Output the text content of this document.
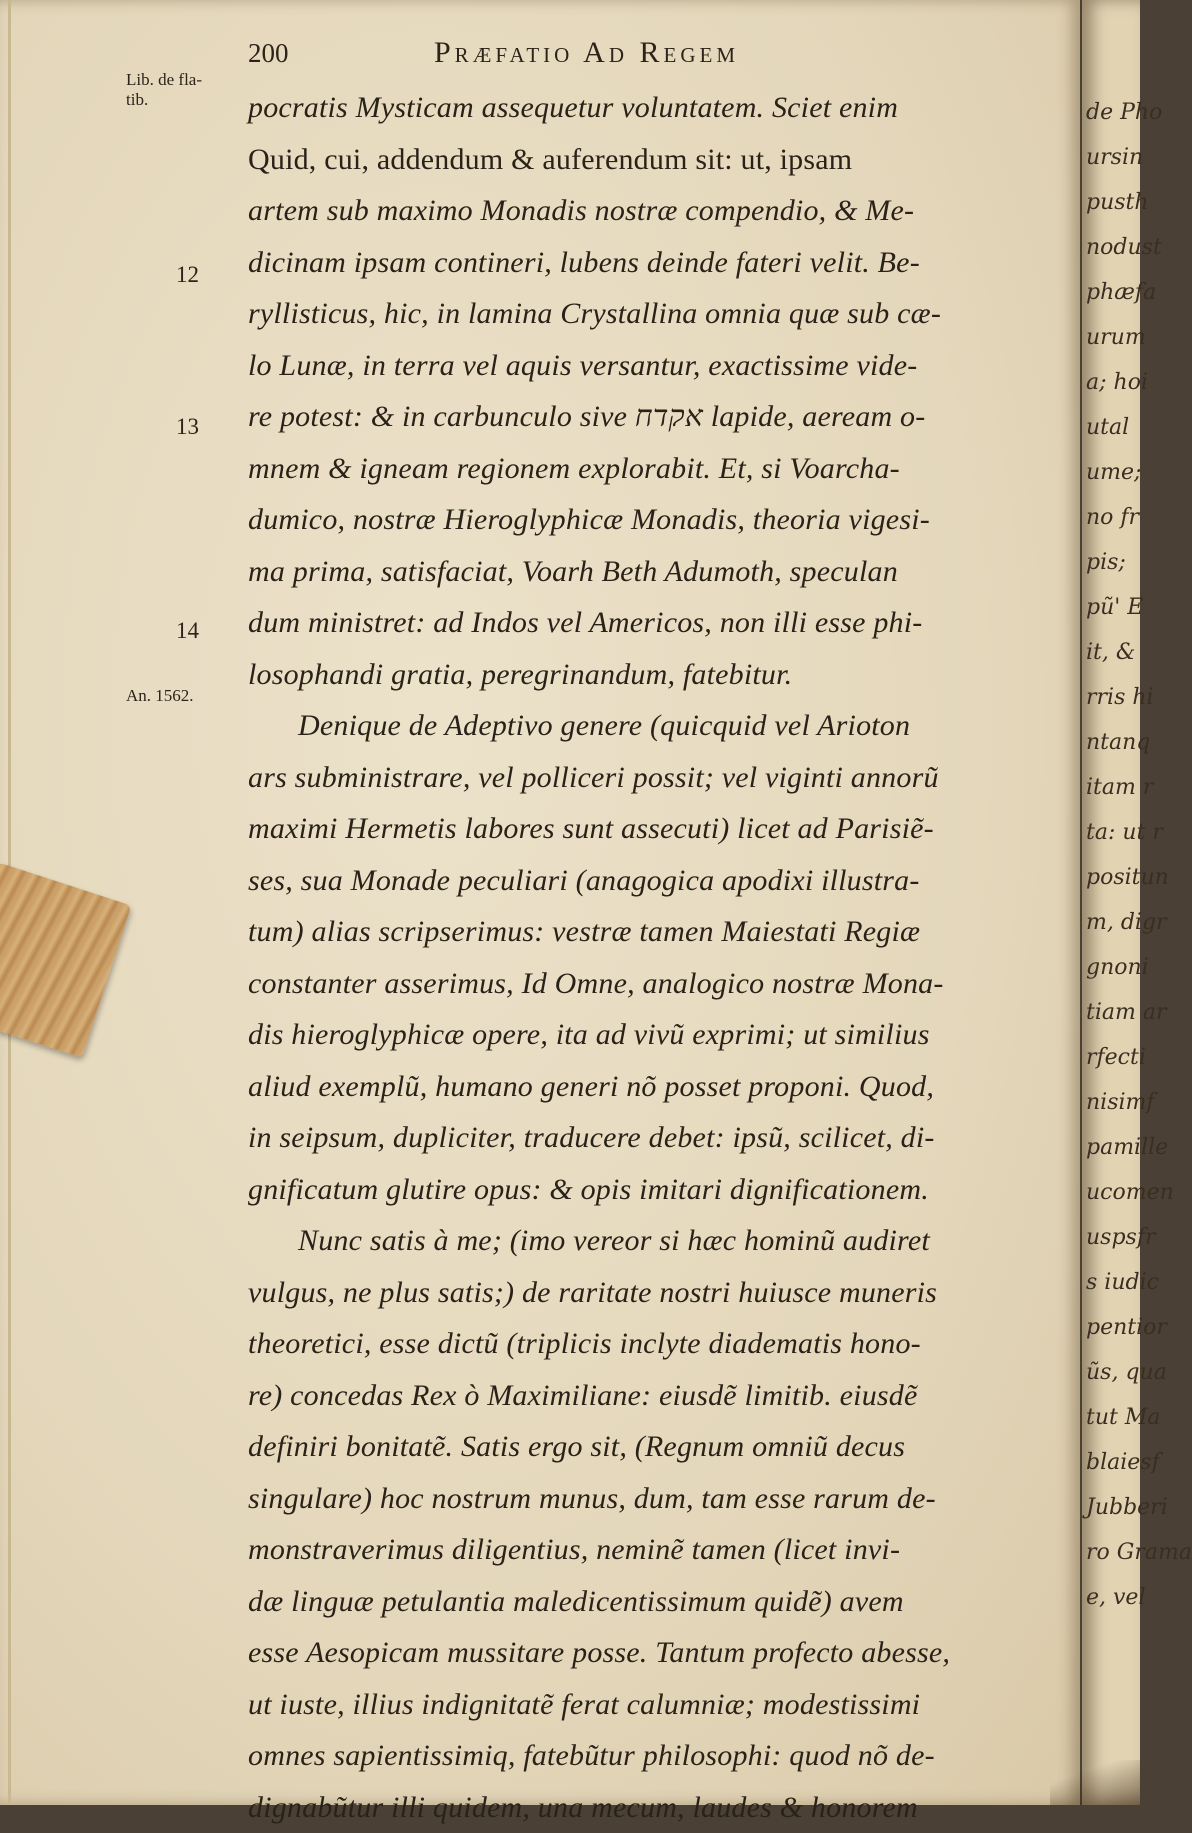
200	Præfatio Ad Regem
Lib. de fla-
tib.
12
13
14
An. 1562.
pocratis Mysticam assequetur voluntatem. Sciet enim
Quid, cui, addendum & auferendum sit: ut, ipsam
artem sub maximo Monadis nostræ compendio, & Me-
dicinam ipsam contineri, lubens deinde fateri velit. Be-
ryllisticus, hic, in lamina Crystallina omnia quæ sub cæ-
lo Lunæ, in terra vel aquis versantur, exactissime vide-
re potest: & in carbunculo sive אקדח lapide, aeream o-
mnem & igneam regionem explorabit. Et, si Voarcha-
dumico, nostræ Hieroglyphicæ Monadis, theoria vigesi-
ma prima, satisfaciat, Voarh Beth Adumoth, speculan
dum ministret: ad Indos vel Americos, non illi esse phi-
losophandi gratia, peregrinandum, fatebitur.
Denique de Adeptivo genere (quicquid vel Arioton
ars subministrare, vel polliceri possit; vel viginti annorũ
maximi Hermetis labores sunt assecuti) licet ad Parisiẽ-
ses, sua Monade peculiari (anagogica apodixi illustra-
tum) alias scripserimus: vestræ tamen Maiestati Regiæ
constanter asserimus, Id Omne, analogico nostræ Mona-
dis hieroglyphicæ opere, ita ad vivũ exprimi; ut similius
aliud exemplũ, humano generi nõ posset proponi. Quod,
in seipsum, dupliciter, traducere debet: ipsũ, scilicet, di-
gnificatum glutire opus: & opis imitari dignificationem.
Nunc satis à me; (imo vereor si hæc hominũ audiret
vulgus, ne plus satis;) de raritate nostri huiusce muneris
theoretici, esse dictũ (triplicis inclyte diadematis hono-
re) concedas Rex ò Maximiliane: eiusdẽ limitib. eiusdẽ
definiri bonitatẽ. Satis ergo sit, (Regnum omniũ decus
singulare) hoc nostrum munus, dum, tam esse rarum de-
monstraverimus diligentius, neminẽ tamen (licet invi-
dæ linguæ petulantia maledicentissimum quidẽ) avem
esse Aesopicam mussitare posse. Tantum profecto abesse,
ut iuste, illius indignitatẽ ferat calumniæ; modestissimi
omnes sapientissimiq, fatebũtur philosophi: quod nõ de-
dignabũtur illi quidem, una mecum, laudes & honorem
de Pho
ursin
pusth
nodust
phæfa
urum
a; hoi
utal
ume;
no fr
pis;
pũ' E
it, &
rris hi
ntanq
itam r
ta: ut r
positun
m, digr
gnoni
tiam ar
rfecti
nisimf
pamille
ucomen
uspsfr
s iudic
pentior
ũs, qua
tut Ma
blaiesf
Jubberi
ro Grama
e, vel
